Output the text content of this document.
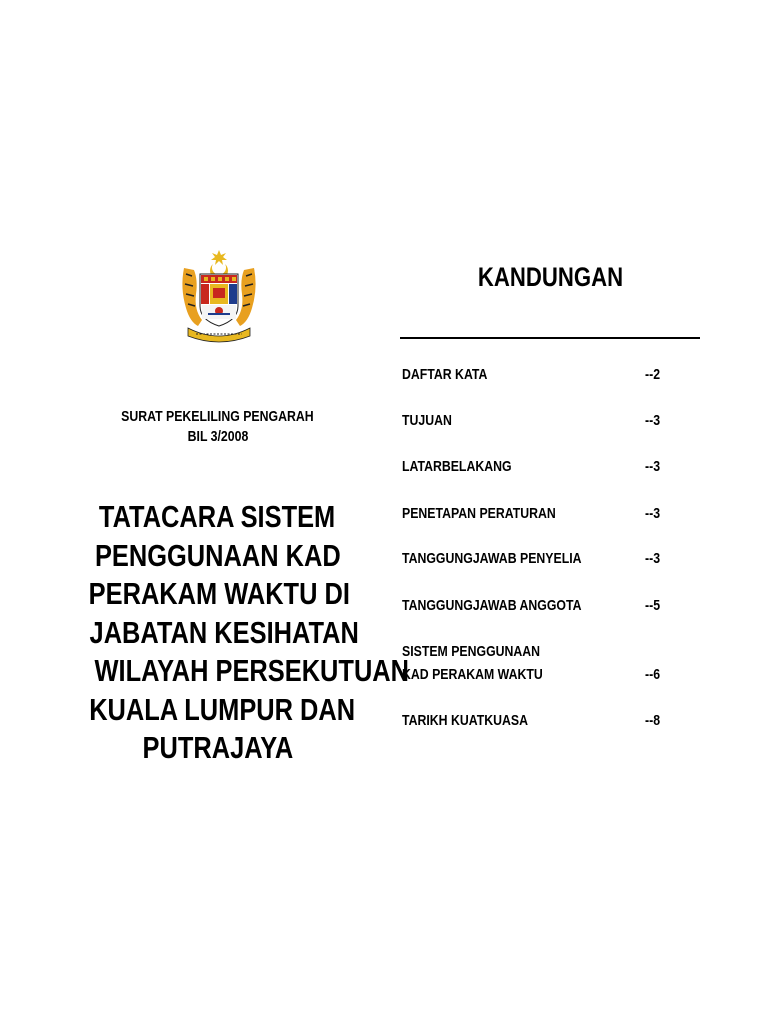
SURAT PEKELILING PENGARAH
BIL 3/2008
TATACARA SISTEM
PENGGUNAAN KAD
PERAKAM WAKTU DI
JABATAN KESIHATAN
WILAYAH PERSEKUTUAN
KUALA LUMPUR DAN
PUTRAJAYA
KANDUNGAN
DAFTAR KATA	--2
TUJUAN	--3
LATARBELAKANG	--3
PENETAPAN PERATURAN	--3
TANGGUNGJAWAB PENYELIA	--3
TANGGUNGJAWAB ANGGOTA	--5
SISTEM PENGGUNAAN
KAD PERAKAM WAKTU	--6
TARIKH KUATKUASA	--8
